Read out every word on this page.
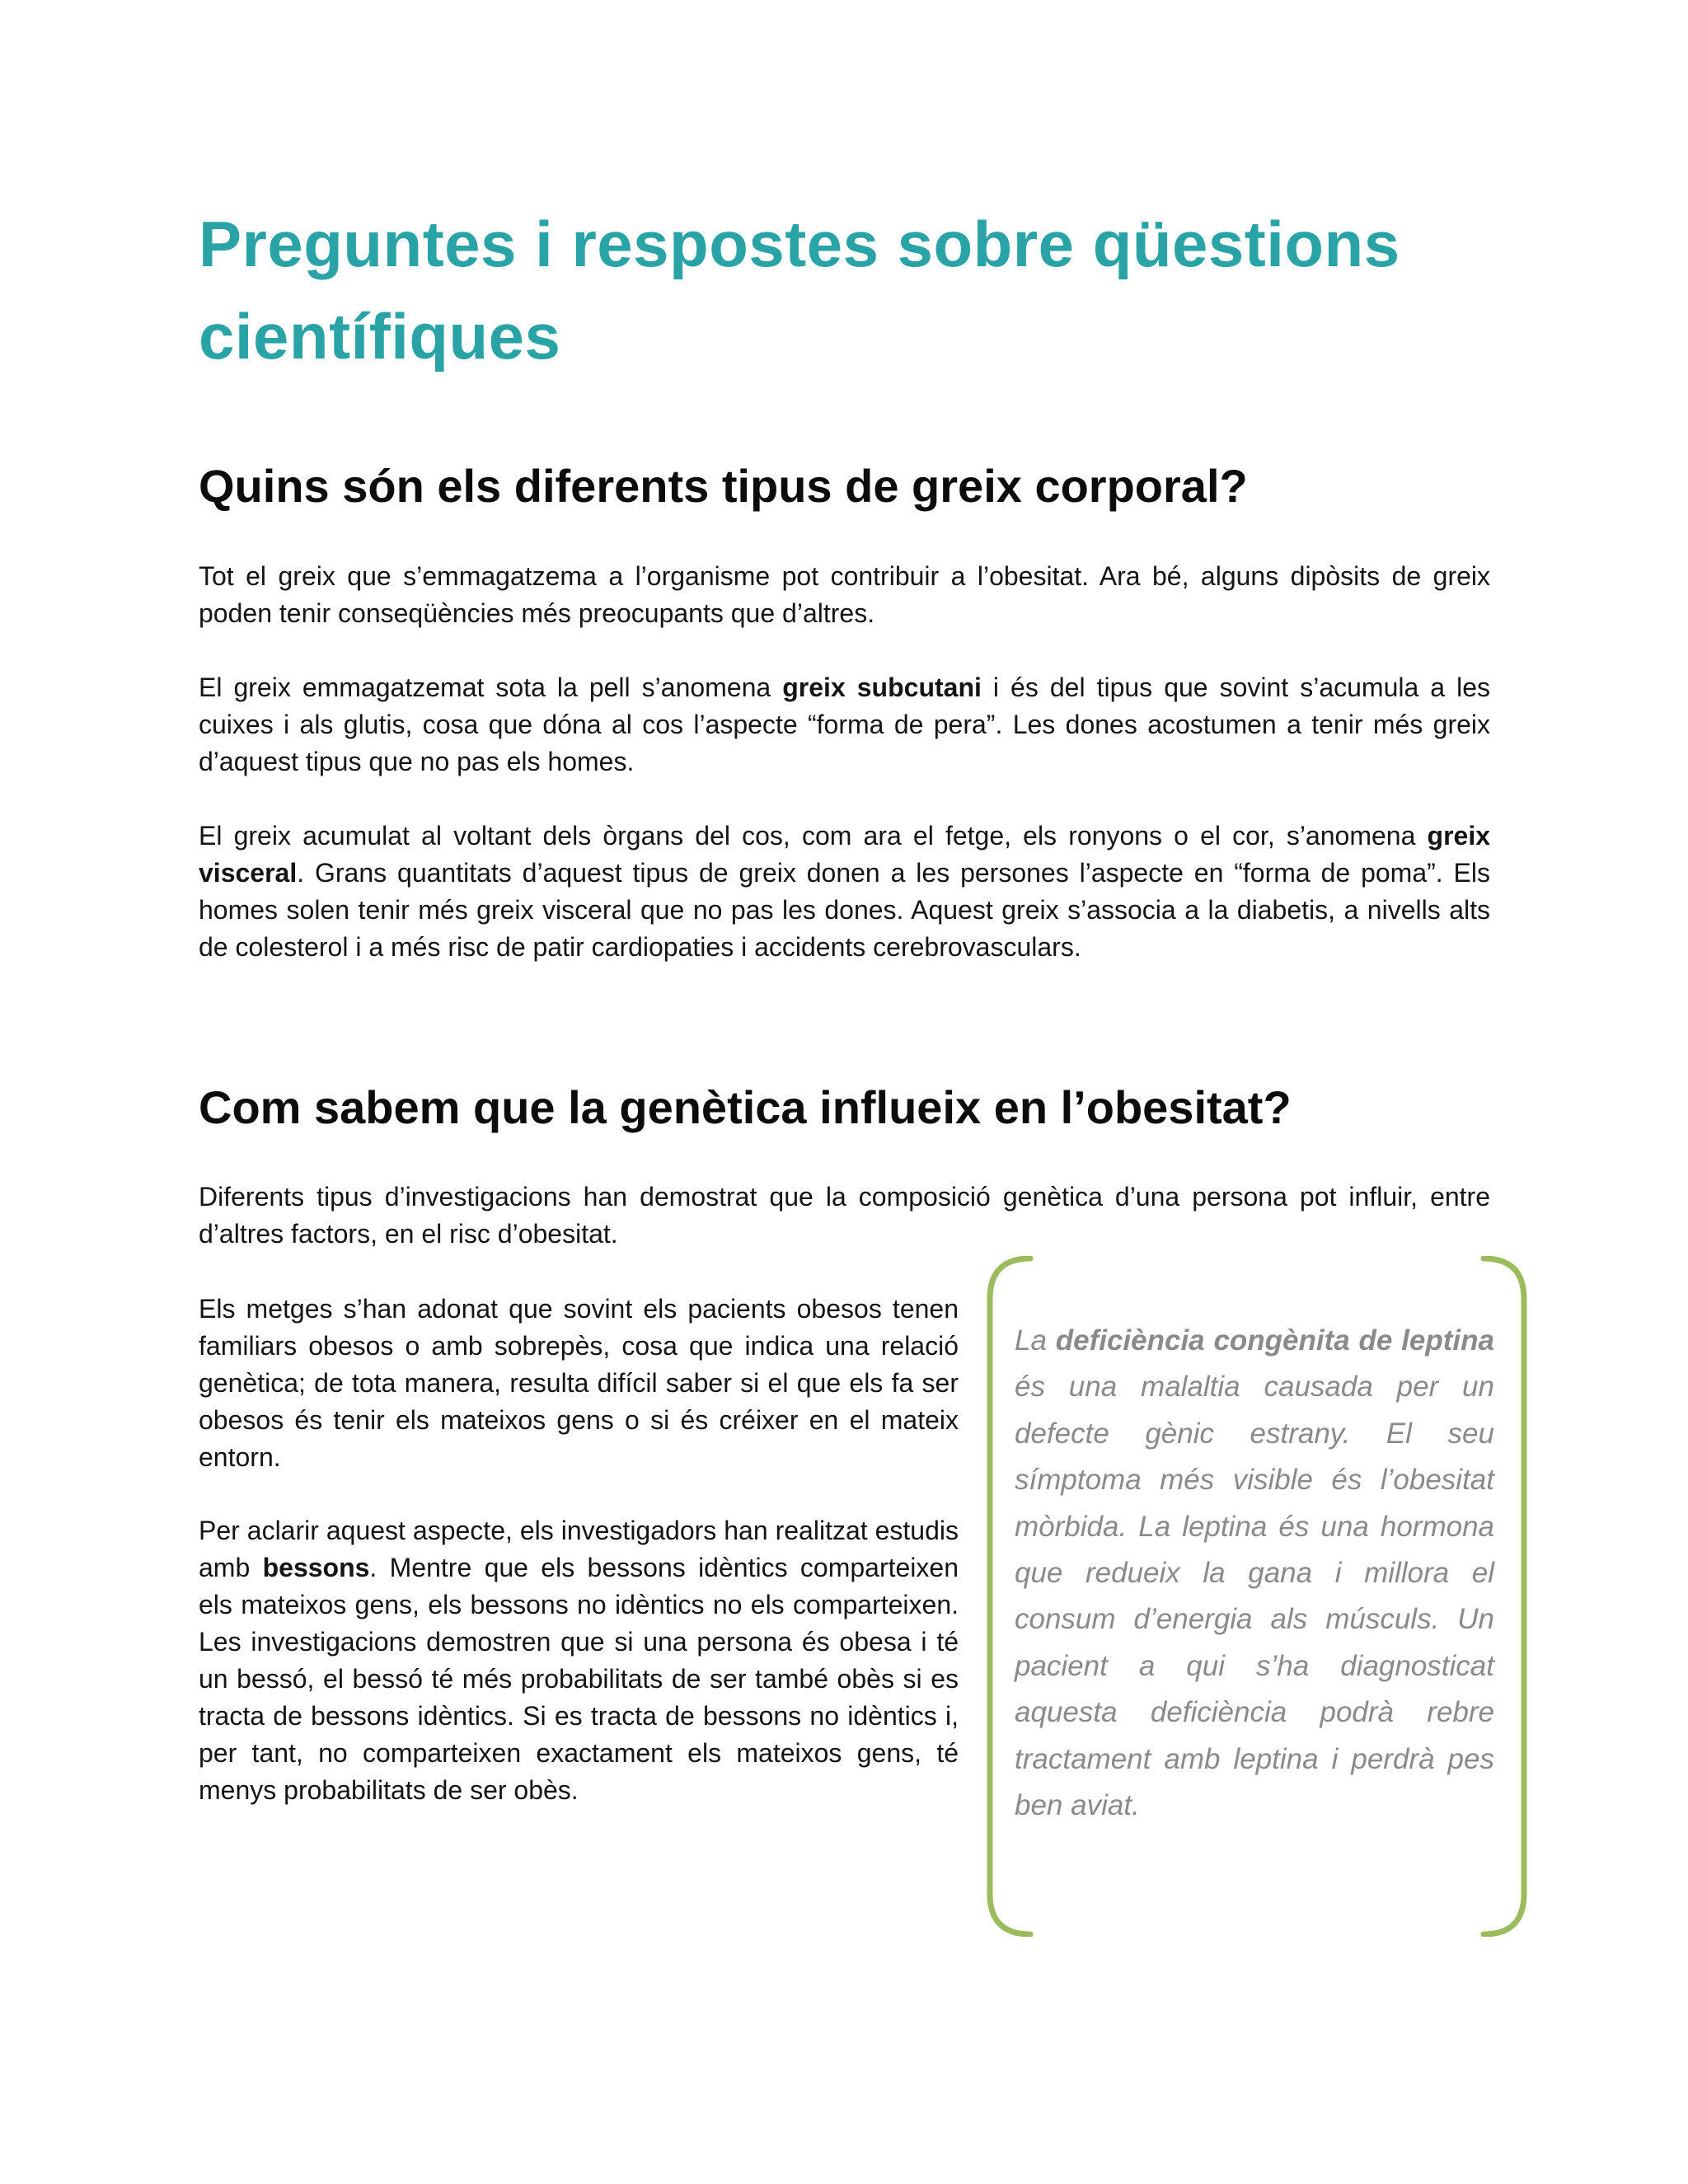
Preguntes i respostes sobre qüestions científiques
Quins són els diferents tipus de greix corporal?

Tot el greix que s’emmagatzema a l’organisme pot contribuir a l’obesitat. Ara bé, alguns dipòsits de greix poden tenir conseqüències més preocupants que d’altres.

El greix emmagatzemat sota la pell s’anomena greix subcutani i és del tipus que sovint s’acumula a les cuixes i als glutis, cosa que dóna al cos l’aspecte “forma de pera”. Les dones acostumen a tenir més greix d’aquest tipus que no pas els homes.

El greix acumulat al voltant dels òrgans del cos, com ara el fetge, els ronyons o el cor, s’anomena greix visceral. Grans quantitats d’aquest tipus de greix donen a les persones l’aspecte en “forma de poma”. Els homes solen tenir més greix visceral que no pas les dones. Aquest greix s’associa a la diabetis, a nivells alts de colesterol i a més risc de patir cardiopaties i accidents cerebrovasculars.

Com sabem que la genètica influeix en l’obesitat?

Diferents tipus d’investigacions han demostrat que la composició genètica d’una persona pot influir, entre d’altres factors, en el risc d’obesitat.

Els metges s’han adonat que sovint els pacients obesos tenen familiars obesos o amb sobrepès, cosa que indica una relació genètica; de tota manera, resulta difícil saber si el que els fa ser obesos és tenir els mateixos gens o si és créixer en el mateix entorn.

Per aclarir aquest aspecte, els investigadors han realitzat estudis amb bessons. Mentre que els bessons idèntics comparteixen els mateixos gens, els bessons no idèntics no els comparteixen. Les investigacions demostren que si una persona és obesa i té un bessó, el bessó té més probabilitats de ser també obès si es tracta de bessons idèntics. Si es tracta de bessons no idèntics i, per tant, no comparteixen exactament els mateixos gens, té menys probabilitats de ser obès.

La deficiència congènita de leptina és una malaltia causada per un defecte gènic estrany. El seu símptoma més visible és l’obesitat mòrbida. La leptina és una hormona que redueix la gana i millora el consum d’energia als músculs. Un pacient a qui s’ha diagnosticat aquesta deficiència podrà rebre tractament amb leptina i perdrà pes ben aviat.
